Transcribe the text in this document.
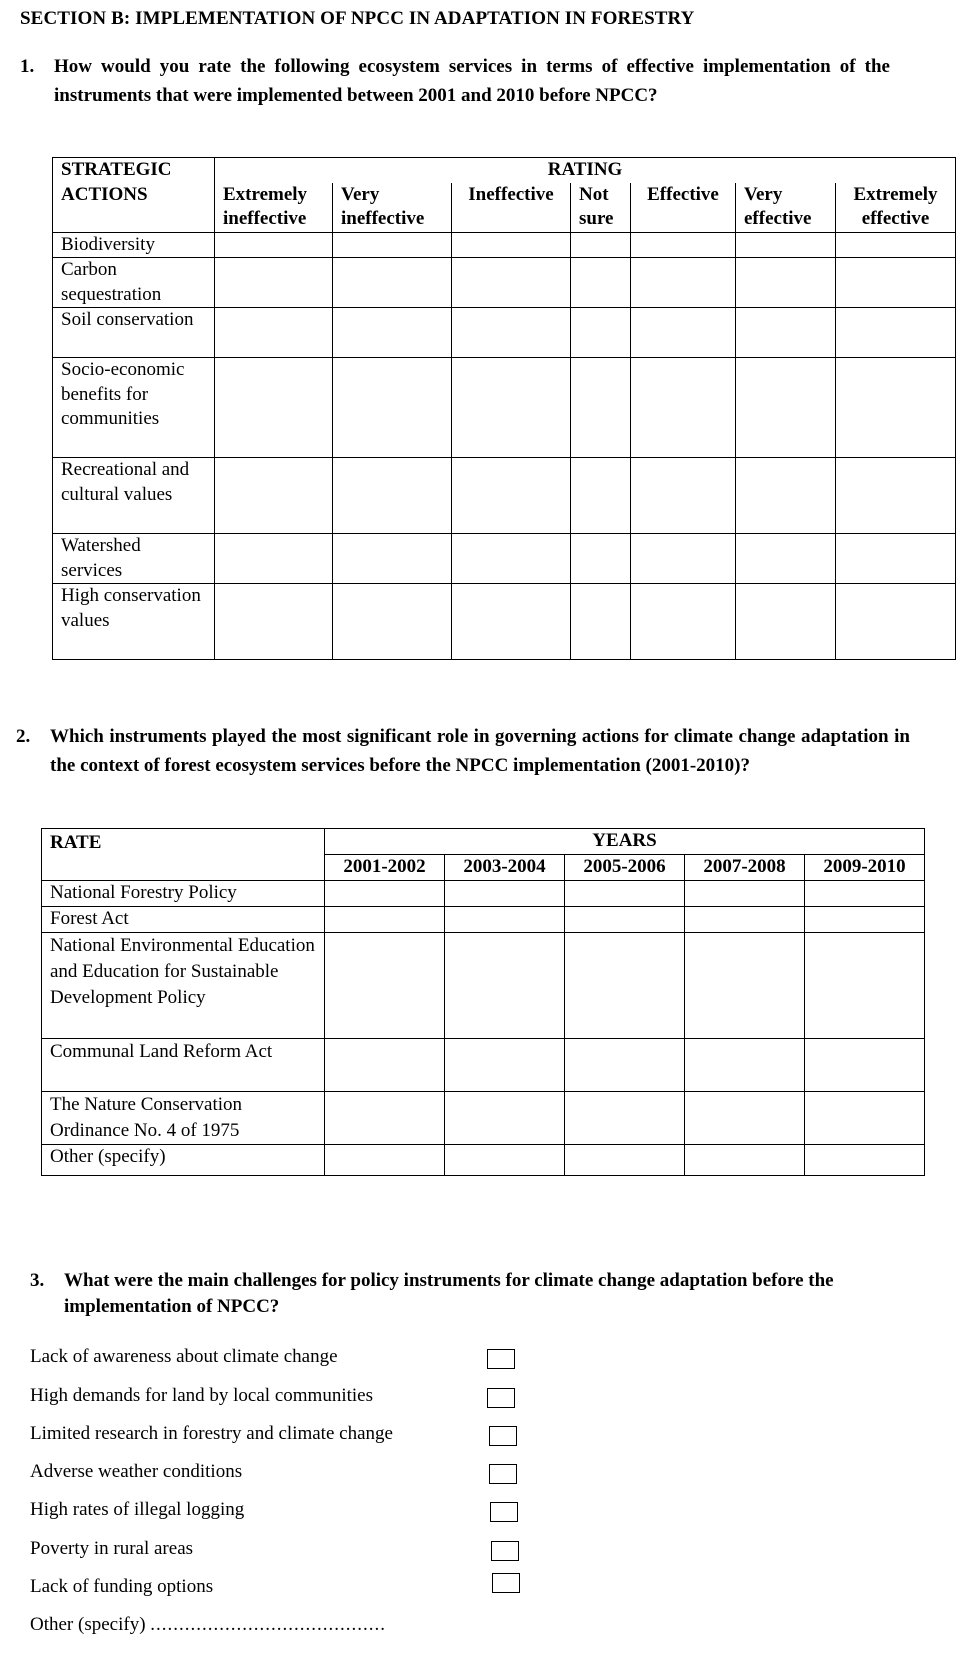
SECTION B: IMPLEMENTATION OF NPCC IN ADAPTATION IN FORESTRY
1.	How would you rate the following ecosystem services in terms of effective implementation of the instruments that were implemented between 2001 and 2010 before NPCC?
STRATEGIC ACTIONS	RATING						
	Extremely ineffective	Very ineffective	Ineffective	Not sure	Effective	Very effective	Extremely effective
Biodiversity							
Carbon sequestration							
Soil conservation							
Socio-economic benefits for communities							
Recreational and cultural values							
Watershed services							
High conservation values							
2.	Which instruments played the most significant role in governing actions for climate change adaptation in the context of forest ecosystem services before the NPCC implementation (2001-2010)?
RATE	YEARS				
	2001-2002	2003-2004	2005-2006	2007-2008	2009-2010
National Forestry Policy					
Forest Act					
National Environmental Education and Education for Sustainable Development Policy					
Communal Land Reform Act					
The Nature Conservation Ordinance No. 4 of 1975					
Other (specify)					
3.	What were the main challenges for policy instruments for climate change adaptation before the implementation of NPCC?
Lack of awareness about climate change
High demands for land by local communities
Limited research in forestry and climate change
Adverse weather conditions
High rates of illegal logging
Poverty in rural areas
Lack of funding options
Other (specify) .........................................
